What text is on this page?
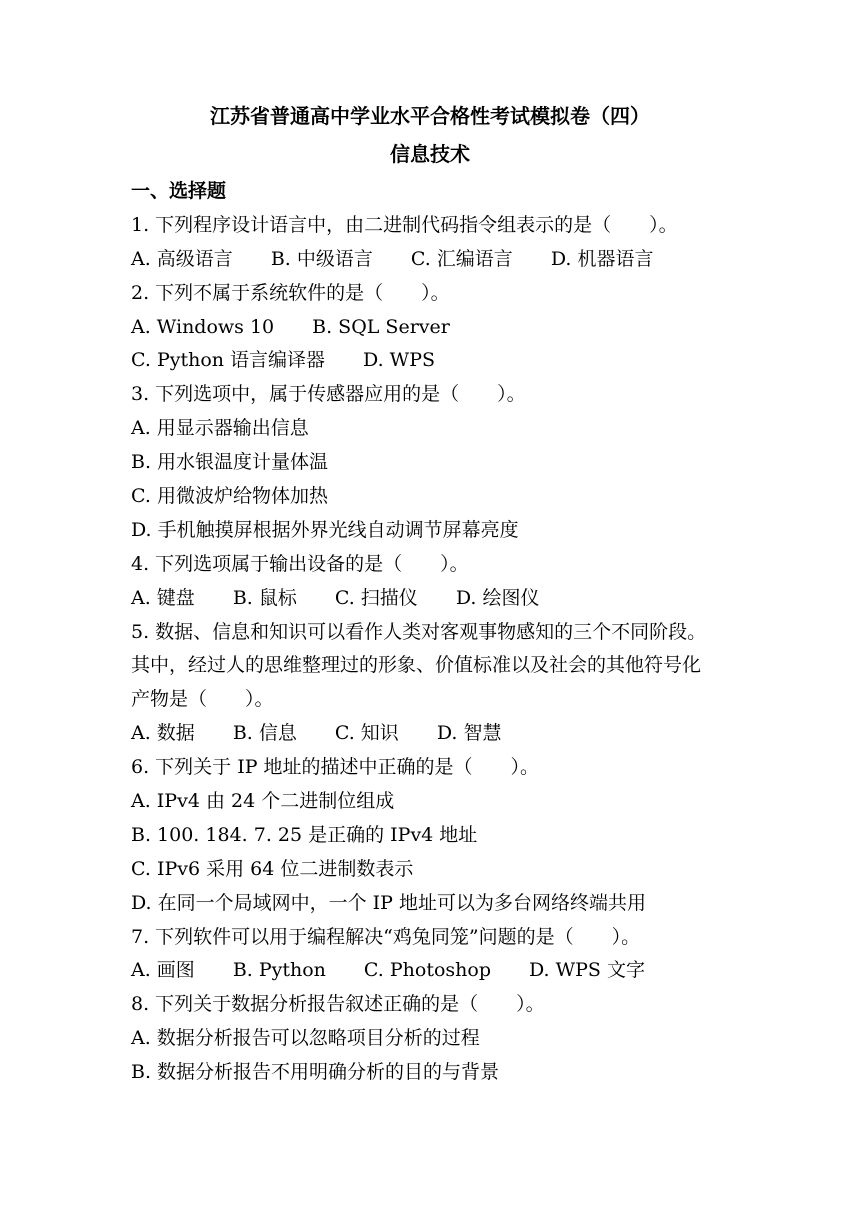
江苏省普通高中学业水平合格性考试模拟卷（四）
信息技术
一、选择题
1. 下列程序设计语言中，由二进制代码指令组表示的是（　　）。
A. 高级语言 B. 中级语言 C. 汇编语言 D. 机器语言
2. 下列不属于系统软件的是（　　）。
A. Windows 10 B. SQL Server
C. Python 语言编译器 D. WPS
3. 下列选项中，属于传感器应用的是（　　）。
A. 用显示器输出信息
B. 用水银温度计量体温
C. 用微波炉给物体加热
D. 手机触摸屏根据外界光线自动调节屏幕亮度
4. 下列选项属于输出设备的是（　　）。
A. 键盘 B. 鼠标 C. 扫描仪 D. 绘图仪
5. 数据、信息和知识可以看作人类对客观事物感知的三个不同阶段。
其中，经过人的思维整理过的形象、价值标准以及社会的其他符号化
产物是（　　）。
A. 数据 B. 信息 C. 知识 D. 智慧
6. 下列关于 IP 地址的描述中正确的是（　　）。
A. IPv4 由 24 个二进制位组成
B. 100. 184. 7. 25 是正确的 IPv4 地址
C. IPv6 采用 64 位二进制数表示
D. 在同一个局域网中，一个 IP 地址可以为多台网络终端共用
7. 下列软件可以用于编程解决“鸡兔同笼”问题的是（　　）。
A. 画图 B. Python C. Photoshop D. WPS 文字
8. 下列关于数据分析报告叙述正确的是（　　）。
A. 数据分析报告可以忽略项目分析的过程
B. 数据分析报告不用明确分析的目的与背景
